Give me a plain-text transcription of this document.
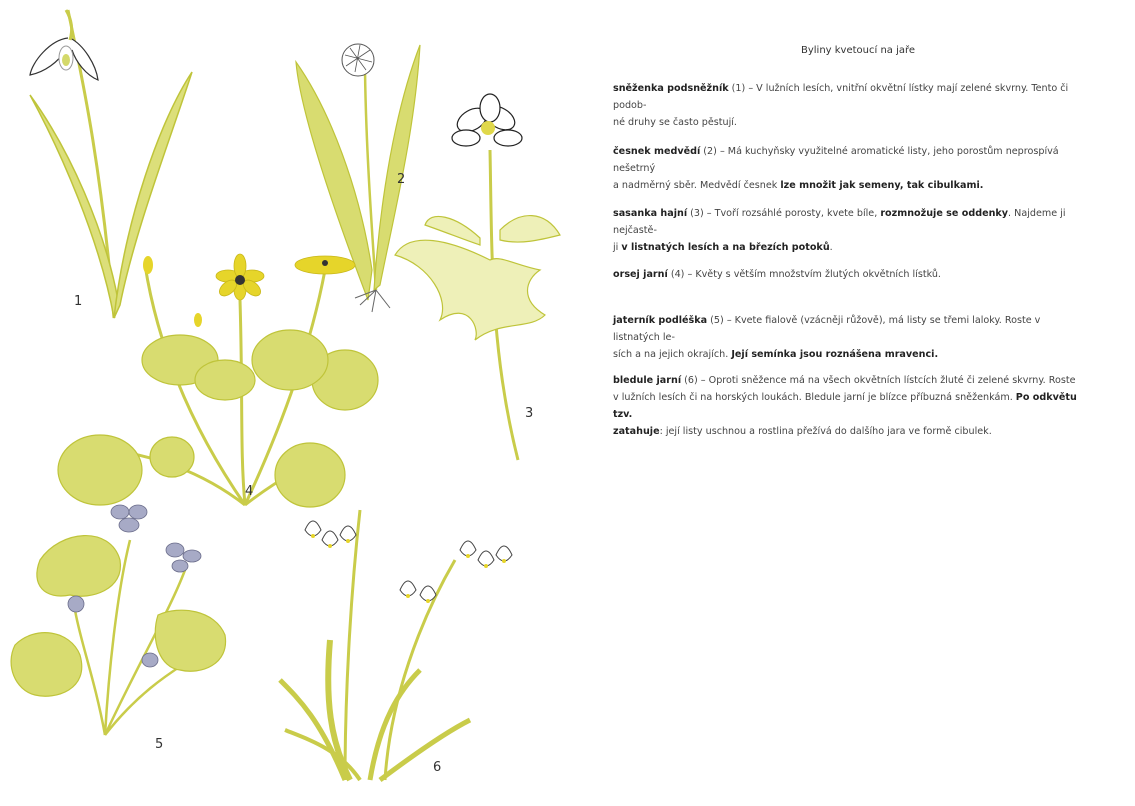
1
2
3
4
5
6
Byliny kvetoucí na jaře
sněženka podsněžník (1) – V lužních lesích, vnitřní okvětní lístky mají zelené skvrny. Tento či podob-
né druhy se často pěstují.
česnek medvědí (2) – Má kuchyňsky využitelné aromatické listy, jeho porostům neprospívá nešetrný
a nadměrný sběr. Medvědí česnek lze množit jak semeny, tak cibulkami.
sasanka hajní (3) – Tvoří rozsáhlé porosty, kvete bíle, rozmnožuje se oddenky. Najdeme ji nejčastě-
ji v listnatých lesích a na březích potoků.
orsej jarní (4) – Květy s větším množstvím žlutých okvětních lístků.
jaterník podléška (5) – Kvete fialově (vzácněji růžově), má listy se třemi laloky. Roste v listnatých le-
sích a na jejich okrajích. Její semínka jsou roznášena mravenci.
bledule jarní (6) – Oproti sněžence má na všech okvětních lístcích žluté či zelené skvrny. Roste
v lužních lesích či na horských loukách. Bledule jarní je blízce příbuzná sněženkám. Po odkvětu tzv.
zatahuje: její listy uschnou a rostlina přežívá do dalšího jara ve formě cibulek.
